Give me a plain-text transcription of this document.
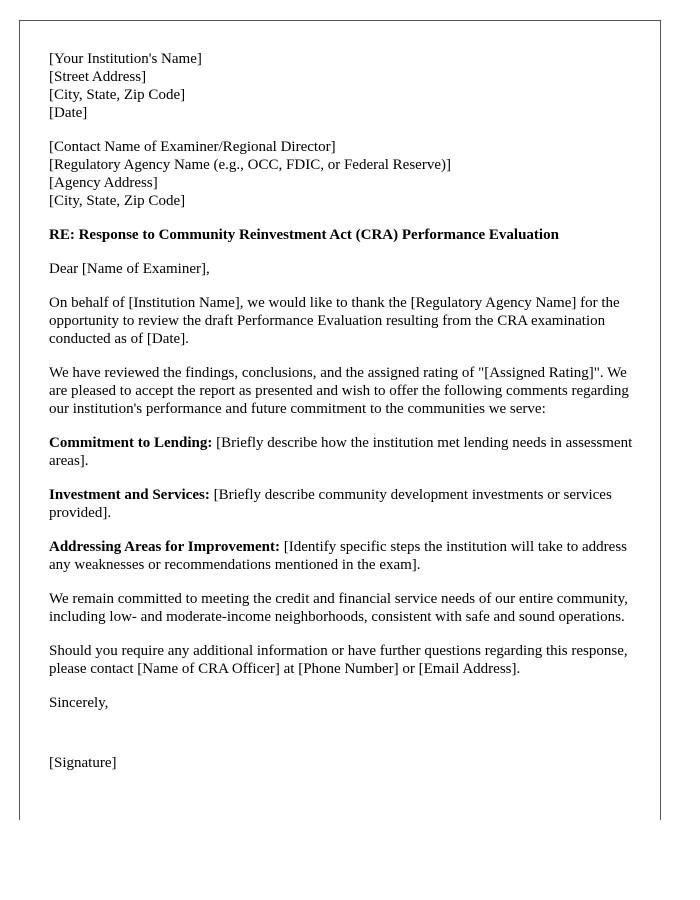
[Your Institution's Name]
[Street Address]
[City, State, Zip Code]
[Date]
[Contact Name of Examiner/Regional Director]
[Regulatory Agency Name (e.g., OCC, FDIC, or Federal Reserve)]
[Agency Address]
[City, State, Zip Code]

RE: Response to Community Reinvestment Act (CRA) Performance Evaluation

Dear [Name of Examiner],

On behalf of [Institution Name], we would like to thank the [Regulatory Agency Name] for the opportunity to review the draft Performance Evaluation resulting from the CRA examination conducted as of [Date].

We have reviewed the findings, conclusions, and the assigned rating of "[Assigned Rating]". We are pleased to accept the report as presented and wish to offer the following comments regarding our institution's performance and future commitment to the communities we serve:

Commitment to Lending: [Briefly describe how the institution met lending needs in assessment areas].

Investment and Services: [Briefly describe community development investments or services provided].

Addressing Areas for Improvement: [Identify specific steps the institution will take to address any weaknesses or recommendations mentioned in the exam].

We remain committed to meeting the credit and financial service needs of our entire community, including low- and moderate-income neighborhoods, consistent with safe and sound operations.

Should you require any additional information or have further questions regarding this response, please contact [Name of CRA Officer] at [Phone Number] or [Email Address].

Sincerely,

[Signature]
